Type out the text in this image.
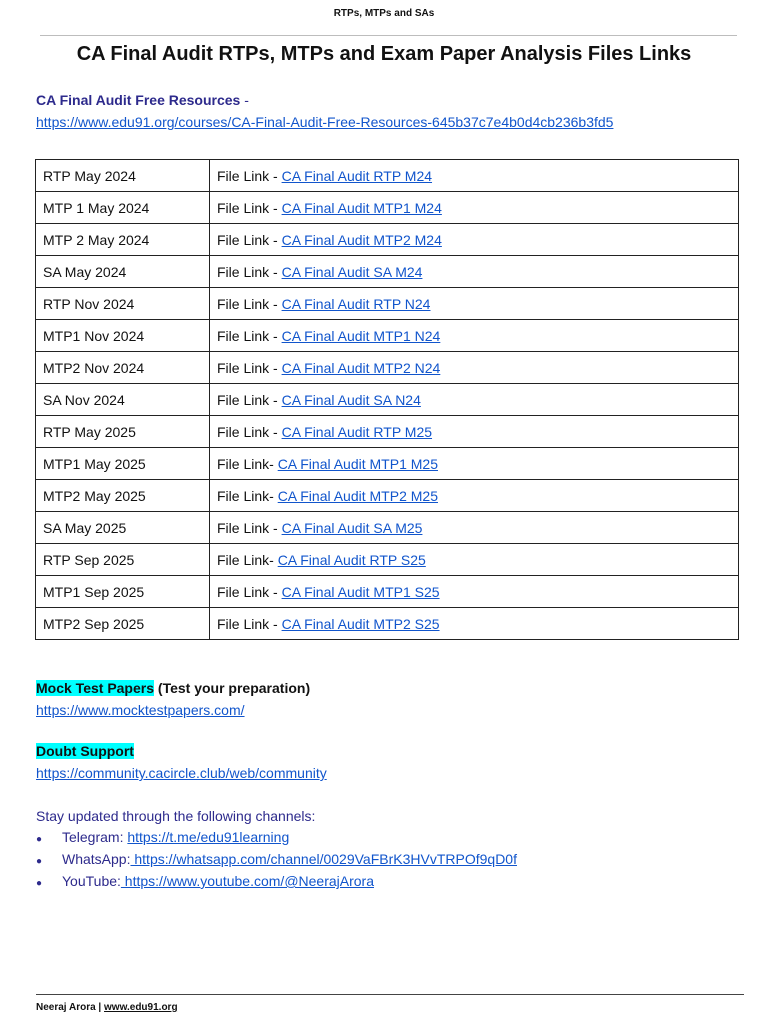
RTPs, MTPs and SAs
CA Final Audit RTPs, MTPs and Exam Paper Analysis Files Links
CA Final Audit Free Resources -
https://www.edu91.org/courses/CA-Final-Audit-Free-Resources-645b37c7e4b0d4cb236b3fd5
RTP May 2024	File Link - CA Final Audit RTP M24
MTP 1 May 2024	File Link - CA Final Audit MTP1 M24
MTP 2 May 2024	File Link - CA Final Audit MTP2 M24
SA May 2024	File Link - CA Final Audit SA M24
RTP Nov 2024	File Link - CA Final Audit RTP N24
MTP1 Nov 2024	File Link - CA Final Audit MTP1 N24
MTP2 Nov 2024	File Link - CA Final Audit MTP2 N24
SA Nov 2024	File Link - CA Final Audit SA N24
RTP May 2025	File Link - CA Final Audit RTP M25
MTP1 May 2025	File Link- CA Final Audit MTP1 M25
MTP2 May 2025	File Link- CA Final Audit MTP2 M25
SA May 2025	File Link - CA Final Audit SA M25
RTP Sep 2025	File Link- CA Final Audit RTP S25
MTP1 Sep 2025	File Link - CA Final Audit MTP1 S25
MTP2 Sep 2025	File Link - CA Final Audit MTP2 S25
Mock Test Papers (Test your preparation)
https://www.mocktestpapers.com/
Doubt Support
https://community.cacircle.club/web/community
Stay updated through the following channels:
● Telegram: https://t.me/edu91learning
● WhatsApp: https://whatsapp.com/channel/0029VaFBrK3HVvTRPOf9qD0f
● YouTube: https://www.youtube.com/@NeerajArora
Neeraj Arora | www.edu91.org
